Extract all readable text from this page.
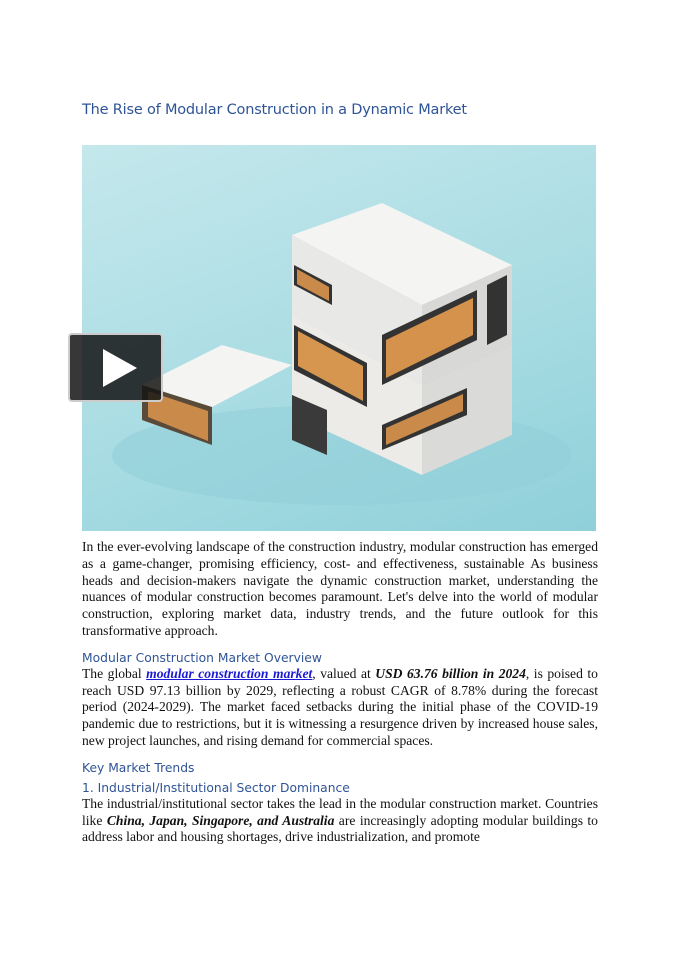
The Rise of Modular Construction in a Dynamic Market

In the ever-evolving landscape of the construction industry, modular construction has emerged as a game-changer, promising efficiency, cost- and effectiveness, sustainable As business heads and decision-makers navigate the dynamic construction market, understanding the nuances of modular construction becomes paramount. Let's delve into the world of modular construction, exploring market data, industry trends, and the future outlook for this transformative approach.

Modular Construction Market Overview

The global modular construction market, valued at USD 63.76 billion in 2024, is poised to reach USD 97.13 billion by 2029, reflecting a robust CAGR of 8.78% during the forecast period (2024-2029). The market faced setbacks during the initial phase of the COVID-19 pandemic due to restrictions, but it is witnessing a resurgence driven by increased house sales, new project launches, and rising demand for commercial spaces.

Key Market Trends
1. Industrial/Institutional Sector Dominance

The industrial/institutional sector takes the lead in the modular construction market. Countries like China, Japan, Singapore, and Australia are increasingly adopting modular buildings to address labor and housing shortages, drive industrialization, and promote
